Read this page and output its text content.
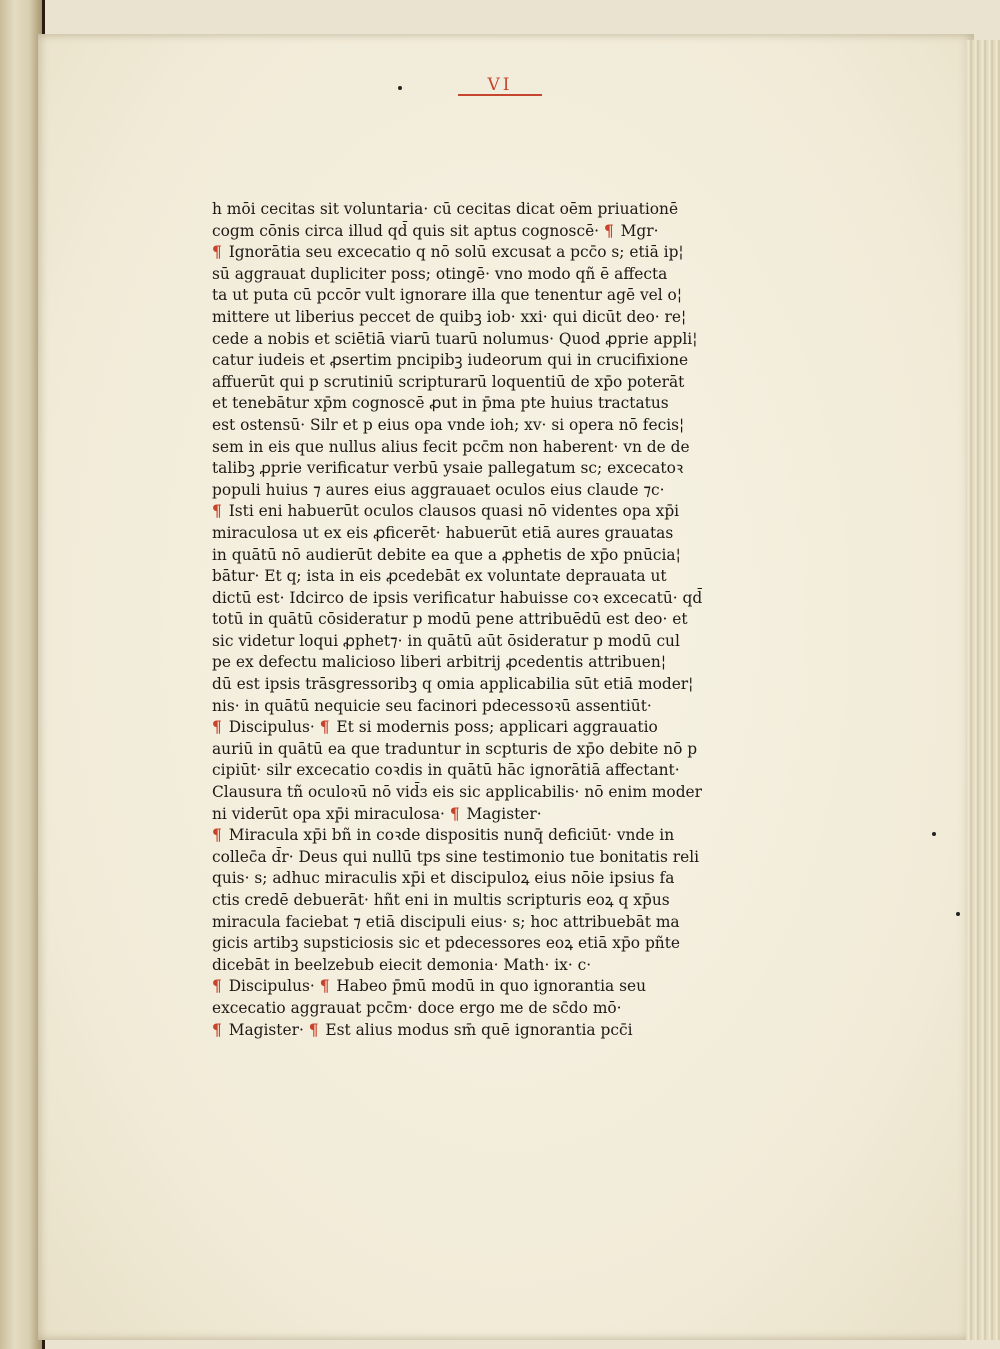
VI
h mōi cecitas sit voluntaria· cū cecitas dicat oēm priuationē
cogm cōnis circa illud qd̄ quis sit aptus cognoscē· ¶ Mgr·
¶ Ignorātia seu excecatio q nō solū excusat a pcc̄o s; etiā ip¦
sū aggrauat dupliciter poss; otingē· vno modo qñ ē affecta
ta ut puta cū pccōr vult ignorare illa que tenentur agē vel o¦
mittere ut liberius peccet de quibꝫ iob· xxi· qui dicūt deo· re¦
cede a nobis et sciētiā viarū tuarū nolumus· Quod ꝓprie appli¦
catur iudeis et ꝓsertim pncipibꝫ iudeorum qui in crucifixione
affuerūt qui p scrutiniū scripturarū loquentiū de xp̄o poterāt
et tenebātur xp̄m cognoscē ꝓut in p̄ma pte huius tractatus
est ostensū· Silr et p eius opa vnde ioh; xv· si opera nō fecis¦
sem in eis que nullus alius fecit pcc̄m non haberent· vn de de
talibꝫ ꝓprie verificatur verbū ysaie pallegatum sc; excecatoꝛ
populi huius ⁊ aures eius aggrauaet oculos eius claude ⁊c·
¶ Isti eni habuerūt oculos clausos quasi nō videntes opa xp̄i
miraculosa ut ex eis ꝓficerēt· habuerūt etiā aures grauatas
in quātū nō audierūt debite ea que a ꝓphetis de xp̄o pnūcia¦
bātur· Et q; ista in eis ꝓcedebāt ex voluntate deprauata ut
dictū est· Idcirco de ipsis verificatur habuisse coꝛ excecatū· qd̄
totū in quātū cōsideratur p modū pene attribuēdū est deo· et
sic videtur loqui ꝓphet⁊· in quātū aūt ōsideratur p modū cul
pe ex defectu malicioso liberi arbitrij ꝓcedentis attribuen¦
dū est ipsis trāsgressoribꝫ q omia applicabilia sūt etiā moder¦
nis· in quātū nequicie seu facinori pdecessoꝛū assentiūt·
¶ Discipulus· ¶ Et si modernis poss; applicari aggrauatio
auriū in quātū ea que traduntur in scpturis de xp̄o debite nō p
cipiūt· silr excecatio coꝛdis in quātū hāc ignorātiā affectant·
Clausura tñ oculoꝛū nō vid̄ɜ eis sic applicabilis· nō enim moder
ni viderūt opa xp̄i miraculosa· ¶ Magister·
¶ Miracula xp̄i bñ in coꝛde dispositis nunq̄ deficiūt· vnde in
collec̄a d̄r· Deus qui nullū tps sine testimonio tue bonitatis reli
quis· s; adhuc miraculis xp̄i et discipuloꝝ eius nōie ipsius fa
ctis credē debuerāt· hñt eni in multis scripturis eoꝝ q xp̄us
miracula faciebat ⁊ etiā discipuli eius· s; hoc attribuebāt ma
gicis artibꝫ supsticiosis sic et pdecessores eoꝝ etiā xp̄o pñte
dicebāt in beelzebub eiecit demonia· Math· ix· c·
¶ Discipulus· ¶ Habeo p̄mū modū in quo ignorantia seu
excecatio aggrauat pcc̄m· doce ergo me de sc̄do mō·
¶ Magister· ¶ Est alius modus sm̄ quē ignorantia pcc̄i
